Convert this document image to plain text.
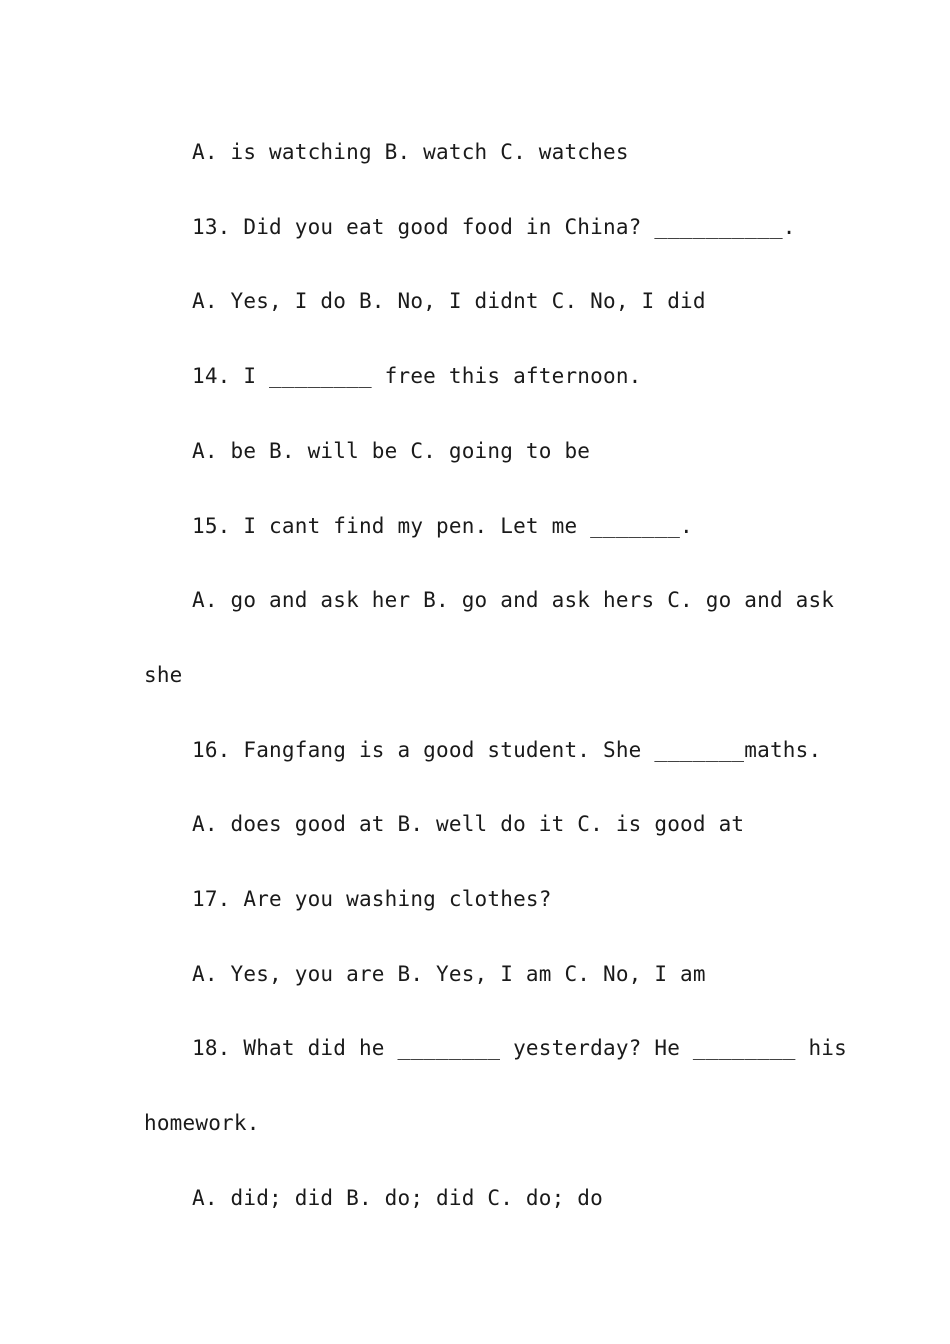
A. is watching B. watch C. watches
13. Did you eat good food in China? __________.
A. Yes, I do B. No, I didnt C. No, I did
14. I ________ free this afternoon.
A. be B. will be C. going to be
15. I cant find my pen. Let me _______.
A. go and ask her B. go and ask hers C. go and ask
she
16. Fangfang is a good student. She _______maths.
A. does good at B. well do it C. is good at
17. Are you washing clothes?
A. Yes, you are B. Yes, I am C. No, I am
18. What did he ________ yesterday? He ________ his
homework.
A. did; did B. do; did C. do; do
